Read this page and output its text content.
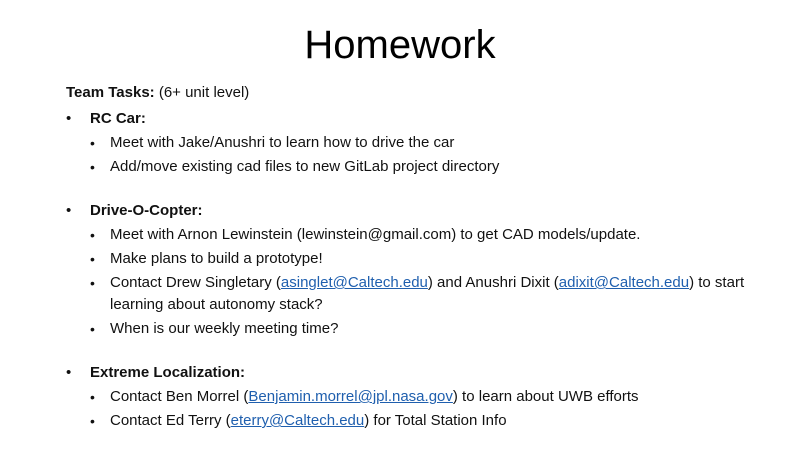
Homework

Team Tasks: (6+ unit level)

•	RC Car:
•	Meet with Jake/Anushri to learn how to drive the car
•	Add/move existing cad files to new GitLab project directory
•	Drive-O-Copter:
•	Meet with Arnon Lewinstein (lewinstein@gmail.com) to get CAD models/update.
•	Make plans to build a prototype!
•	Contact Drew Singletary (asinglet@Caltech.edu) and Anushri Dixit (adixit@Caltech.edu) to start learning about autonomy stack?
•	When is our weekly meeting time?
•	Extreme Localization:
•	Contact Ben Morrel (Benjamin.morrel@jpl.nasa.gov) to learn about UWB efforts
•	Contact Ed Terry (eterry@Caltech.edu) for Total Station Info
